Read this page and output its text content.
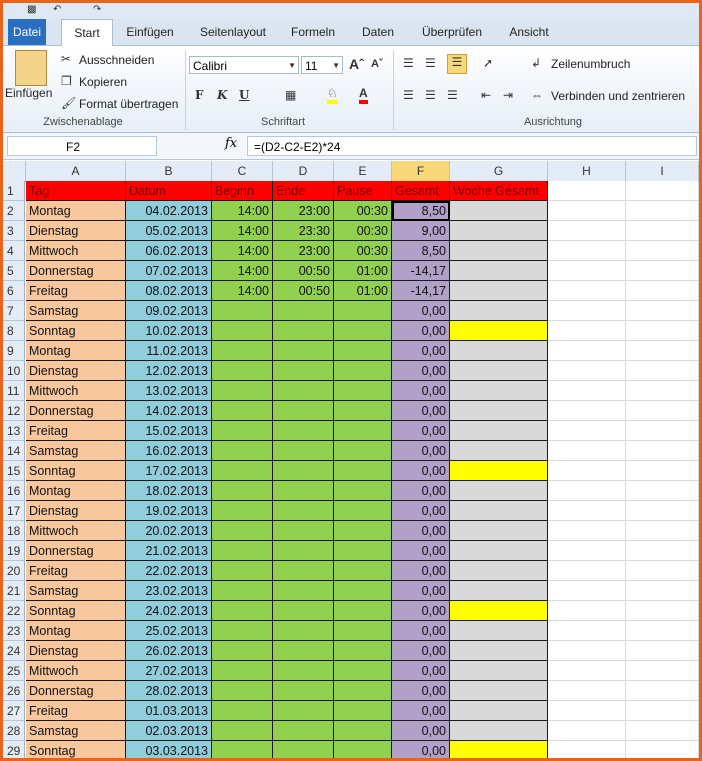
▩ ↶	↷
Datei	Start	Einfügen	Seitenlayout	Formeln	Daten	Überprüfen	Ansicht
Einfügen
✂ Ausschneiden
❐ Kopieren
🖌 Format übertragen
Zwischenablage
Calibri	▼ 11 ▼ Aˆ Aˇ
F K U	▦	♘ A
Schriftart
☰ ☰	☰	➚	↲ Zeilenumbruch
☰ ☰ ☰ ⇤ ⇥ ⇔ Verbinden und zentrieren
Ausrichtung
F2	fx	=(D2-C2-E2)*24
A	B	C	D	E	F	G	H	I
1	Tag	Datum	Beginn	Ende	Pause	Gesamt	Woche Gesamt
2	Montag	04.02.2013	14:00	23:00	00:30	8,50
3	Dienstag	05.02.2013	14:00	23:30	00:30	9,00
4	Mittwoch	06.02.2013	14:00	23:00	00:30	8,50
5	Donnerstag	07.02.2013	14:00	00:50	01:00	-14,17
6	Freitag	08.02.2013	14:00	00:50	01:00	-14,17
7	Samstag	09.02.2013	0,00
8	Sonntag	10.02.2013	0,00
9	Montag	11.02.2013	0,00
10 Dienstag	12.02.2013	0,00
11 Mittwoch	13.02.2013	0,00
12 Donnerstag	14.02.2013	0,00
13 Freitag	15.02.2013	0,00
14 Samstag	16.02.2013	0,00
15 Sonntag	17.02.2013	0,00
16 Montag	18.02.2013	0,00
17 Dienstag	19.02.2013	0,00
18 Mittwoch	20.02.2013	0,00
19 Donnerstag	21.02.2013	0,00
20 Freitag	22.02.2013	0,00
21 Samstag	23.02.2013	0,00
22 Sonntag	24.02.2013	0,00
23 Montag	25.02.2013	0,00
24 Dienstag	26.02.2013	0,00
25 Mittwoch	27.02.2013	0,00
26 Donnerstag	28.02.2013	0,00
27 Freitag	01.03.2013	0,00
28 Samstag	02.03.2013	0,00
29 Sonntag	03.03.2013	0,00
